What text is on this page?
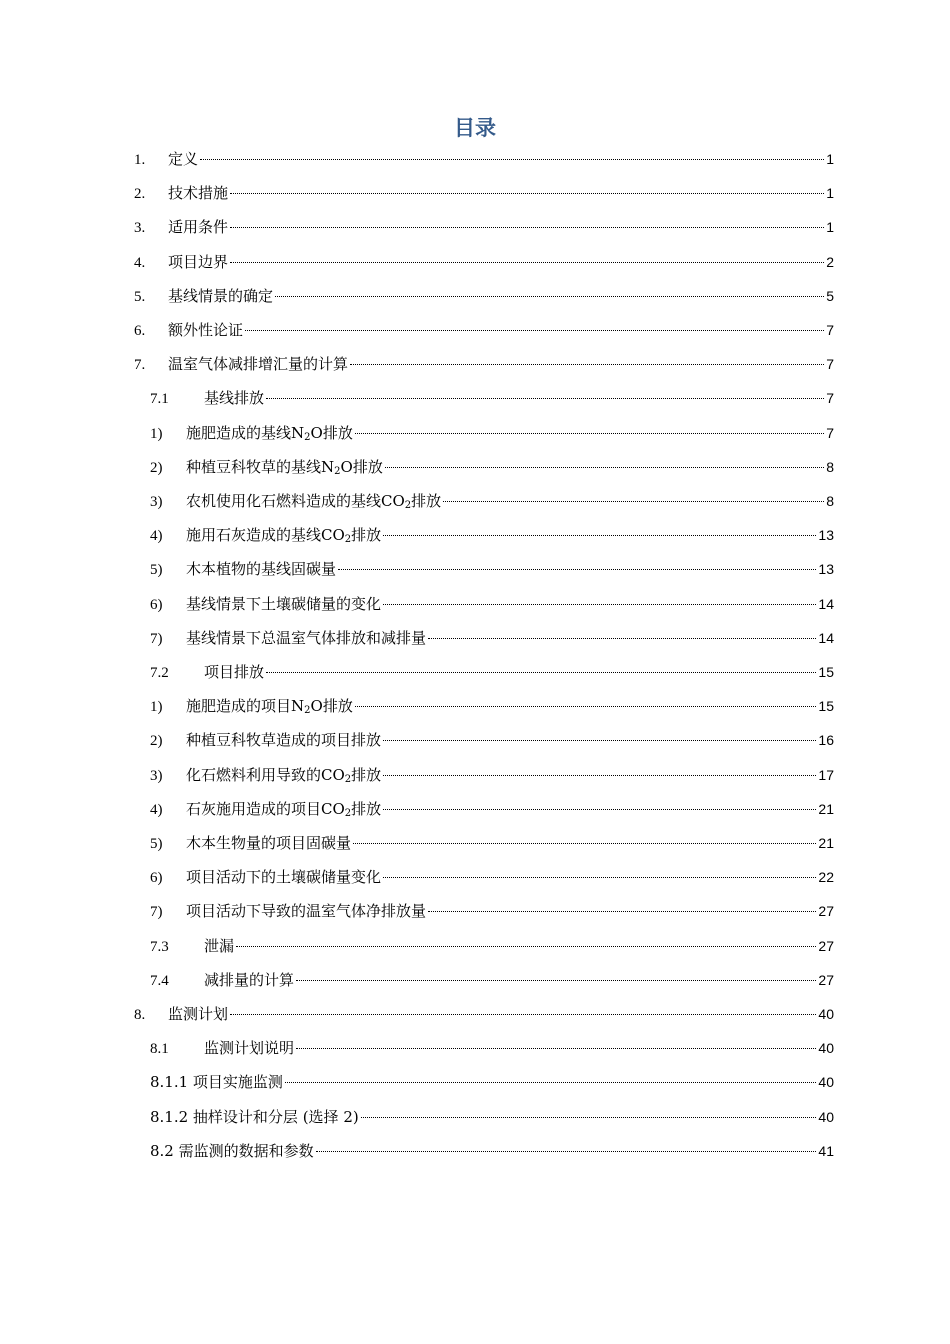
目录
1.	定义	1
2.	技术措施	1
3.	适用条件	1
4.	项目边界	2
5.	基线情景的确定	5
6.	额外性论证	7
7.	温室气体减排增汇量的计算	7
7.1	基线排放	7
1)	施肥造成的基线$N_2O$排放	7
2)	种植豆科牧草的基线$N_2O$排放	8
3)	农机使用化石燃料造成的基线$CO_2$排放	8
4)	施用石灰造成的基线$CO_2$排放	13
5)	木本植物的基线固碳量	13
6)	基线情景下土壤碳储量的变化	14
7)	基线情景下总温室气体排放和减排量	14
7.2	项目排放	15
1)	施肥造成的项目$N_2O$排放	15
2)	种植豆科牧草造成的项目排放	16
3)	化石燃料利用导致的$CO_2$排放	17
4)	石灰施用造成的项目$CO_2$排放	21
5)	木本生物量的项目固碳量	21
6)	项目活动下的土壤碳储量变化	22
7)	项目活动下导致的温室气体净排放量	27
7.3	泄漏	27
7.4	减排量的计算	27
8.	监测计划	40
8.1	监测计划说明	40
8.1.1 项目实施监测	40
8.1.2 抽样设计和分层 (选择 2)	40
8.2 需监测的数据和参数	41
